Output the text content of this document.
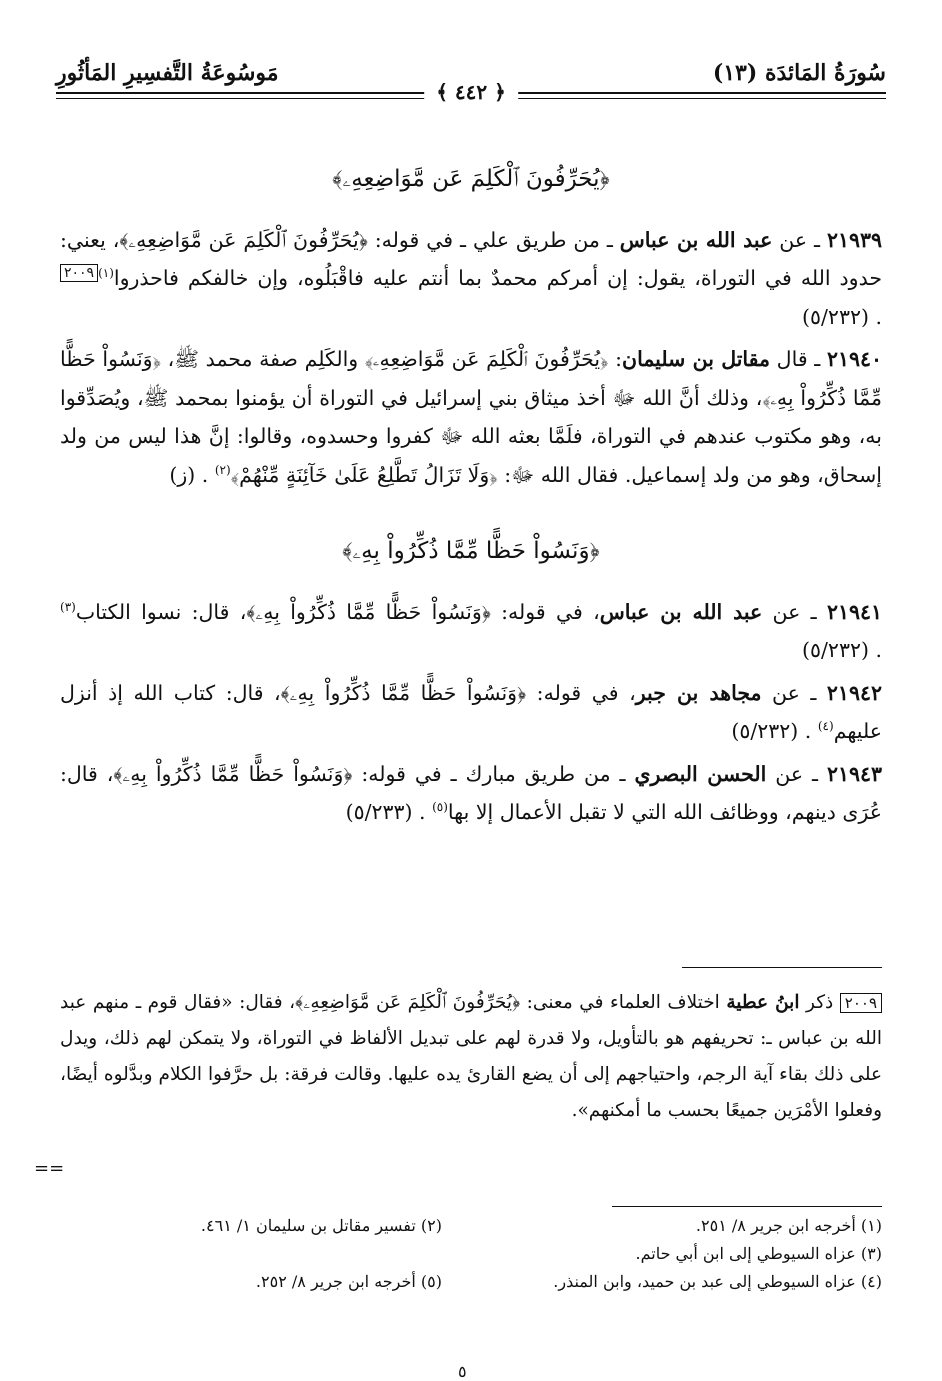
سُورَةُ المَائدَة (١٣)
مَوسُوعَةُ التَّفسِيرِ المَأثُورِ
﴿ ٤٤٢ ﴾
﴿يُحَرِّفُونَ ٱلْكَلِمَ عَن مَّوَاضِعِهِۦ﴾

٢١٩٣٩ ـ عن عبد الله بن عباس ـ من طريق علي ـ في قوله: ﴿يُحَرِّفُونَ ٱلْكَلِمَ عَن مَّوَاضِعِهِۦ﴾، يعني: حدود الله في التوراة، يقول: إن أمركم محمدٌ بما أنتم عليه فاقْبَلُوه، وإن خالفكم فاحذروا$^{(١)٢٠٠٩}$ . (٥/٢٣٢)

٢١٩٤٠ ـ قال مقاتل بن سليمان: ﴿يُحَرِّفُونَ ٱلْكَلِمَ عَن مَّوَاضِعِهِۦ﴾ والكَلِم صفة محمد ﷺ، ﴿وَنَسُواْ حَظًّا مِّمَّا ذُكِّرُواْ بِهِۦ﴾، وذلك أنَّ الله ﷻ أخذ ميثاق بني إسرائيل في التوراة أن يؤمنوا بمحمد ﷺ، ويُصَدِّقوا به، وهو مكتوب عندهم في التوراة، فلَمَّا بعثه الله ﷻ كفروا وحسدوه، وقالوا: إنَّ هذا ليس من ولد إسحاق، وهو من ولد إسماعيل. فقال الله ﷻ: ﴿وَلَا تَزَالُ تَطَّلِعُ عَلَىٰ خَآئِنَةٍ مِّنْهُمْ﴾$^{(٢)}$ . (ز)

﴿وَنَسُواْ حَظًّا مِّمَّا ذُكِّرُواْ بِهِۦ﴾

٢١٩٤١ ـ عن عبد الله بن عباس، في قوله: ﴿وَنَسُواْ حَظًّا مِّمَّا ذُكِّرُواْ بِهِۦ﴾، قال: نسوا الكتاب$^{(٣)}$ . (٥/٢٣٢)

٢١٩٤٢ ـ عن مجاهد بن جبر، في قوله: ﴿وَنَسُواْ حَظًّا مِّمَّا ذُكِّرُواْ بِهِۦ﴾، قال: كتاب الله إذ أنزل عليهم$^{(٤)}$ . (٥/٢٣٢)

٢١٩٤٣ ـ عن الحسن البصري ـ من طريق مبارك ـ في قوله: ﴿وَنَسُواْ حَظًّا مِّمَّا ذُكِّرُواْ بِهِۦ﴾، قال: عُرَى دينهم، ووظائف الله التي لا تقبل الأعمال إلا بها$^{(٥)}$ . (٥/٢٣٣)

٢٠٠٩ ذكر ابنُ عطية اختلاف العلماء في معنى: ﴿يُحَرِّفُونَ ٱلْكَلِمَ عَن مَّوَاضِعِهِۦ﴾، فقال: «فقال قوم ـ منهم عبد الله بن عباس ـ: تحريفهم هو بالتأويل، ولا قدرة لهم على تبديل الألفاظ في التوراة، ولا يتمكن لهم ذلك، ويدل على ذلك بقاء آية الرجم، واحتياجهم إلى أن يضع القارئ يده عليها. وقالت فرقة: بل حرَّفوا الكلام وبدَّلوه أيضًا، وفعلوا الأمْرَين جميعًا بحسب ما أمكنهم».
==
(١) أخرجه ابن جرير ٨/ ٢٥١.
(٢) تفسير مقاتل بن سليمان ١/ ٤٦١.
(٣) عزاه السيوطي إلى ابن أبي حاتم.
(٤) عزاه السيوطي إلى عبد بن حميد، وابن المنذر.
(٥) أخرجه ابن جرير ٨/ ٢٥٢.
٥
